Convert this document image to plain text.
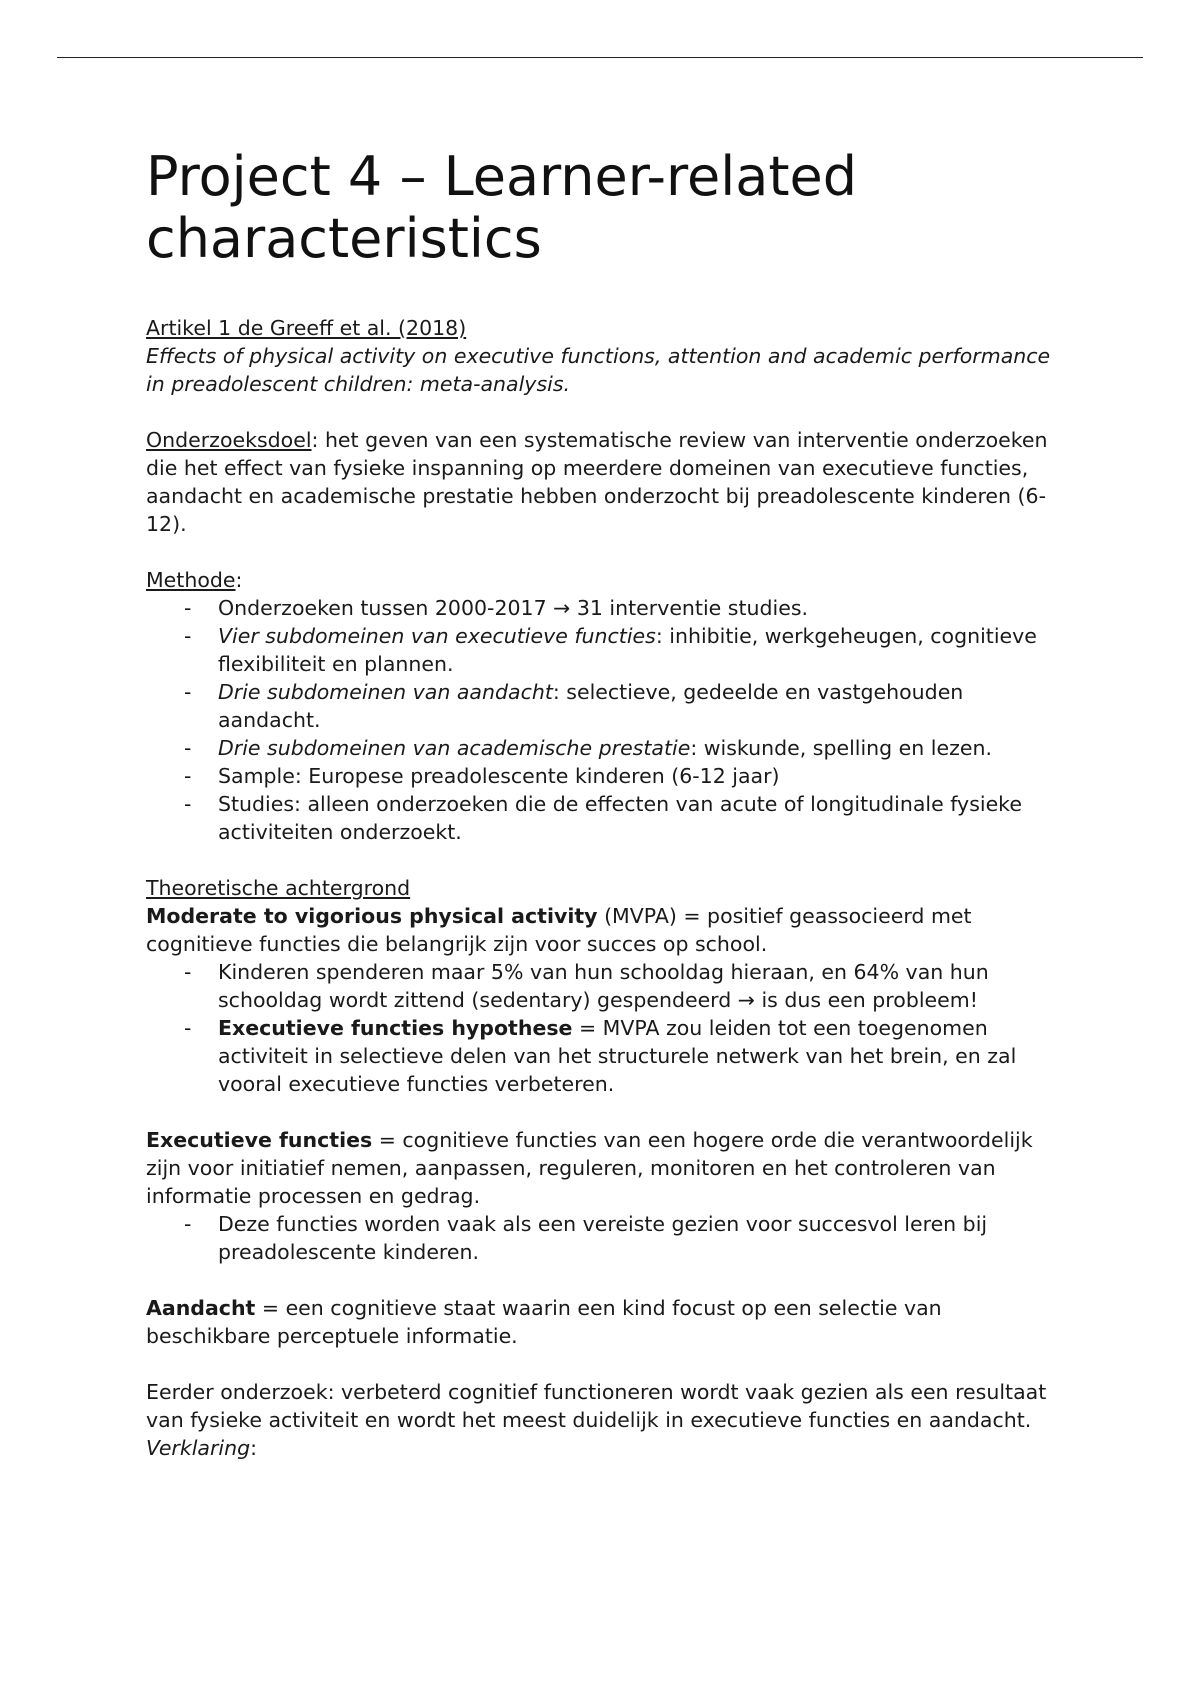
Project 4 – Learner-related characteristics

Artikel 1 de Greeff et al. (2018)

Effects of physical activity on executive functions, attention and academic performance in preadolescent children: meta-analysis.

Onderzoeksdoel: het geven van een systematische review van interventie onderzoeken die het effect van fysieke inspanning op meerdere domeinen van executieve functies, aandacht en academische prestatie hebben onderzocht bij preadolescente kinderen (6-12).

Methode:

- Onderzoeken tussen 2000-2017 → 31 interventie studies.
- Vier subdomeinen van executieve functies: inhibitie, werkgeheugen, cognitieve flexibiliteit en plannen.
- Drie subdomeinen van aandacht: selectieve, gedeelde en vastgehouden aandacht.
- Drie subdomeinen van academische prestatie: wiskunde, spelling en lezen.
- Sample: Europese preadolescente kinderen (6-12 jaar)
- Studies: alleen onderzoeken die de effecten van acute of longitudinale fysieke activiteiten onderzoekt.

Theoretische achtergrond

Moderate to vigorious physical activity (MVPA) = positief geassocieerd met cognitieve functies die belangrijk zijn voor succes op school.

- Kinderen spenderen maar 5% van hun schooldag hieraan, en 64% van hun schooldag wordt zittend (sedentary) gespendeerd → is dus een probleem!
- Executieve functies hypothese = MVPA zou leiden tot een toegenomen activiteit in selectieve delen van het structurele netwerk van het brein, en zal vooral executieve functies verbeteren.

Executieve functies = cognitieve functies van een hogere orde die verantwoordelijk zijn voor initiatief nemen, aanpassen, reguleren, monitoren en het controleren van informatie processen en gedrag.

- Deze functies worden vaak als een vereiste gezien voor succesvol leren bij preadolescente kinderen.

Aandacht = een cognitieve staat waarin een kind focust op een selectie van beschikbare perceptuele informatie.

Eerder onderzoek: verbeterd cognitief functioneren wordt vaak gezien als een resultaat van fysieke activiteit en wordt het meest duidelijk in executieve functies en aandacht. Verklaring:
